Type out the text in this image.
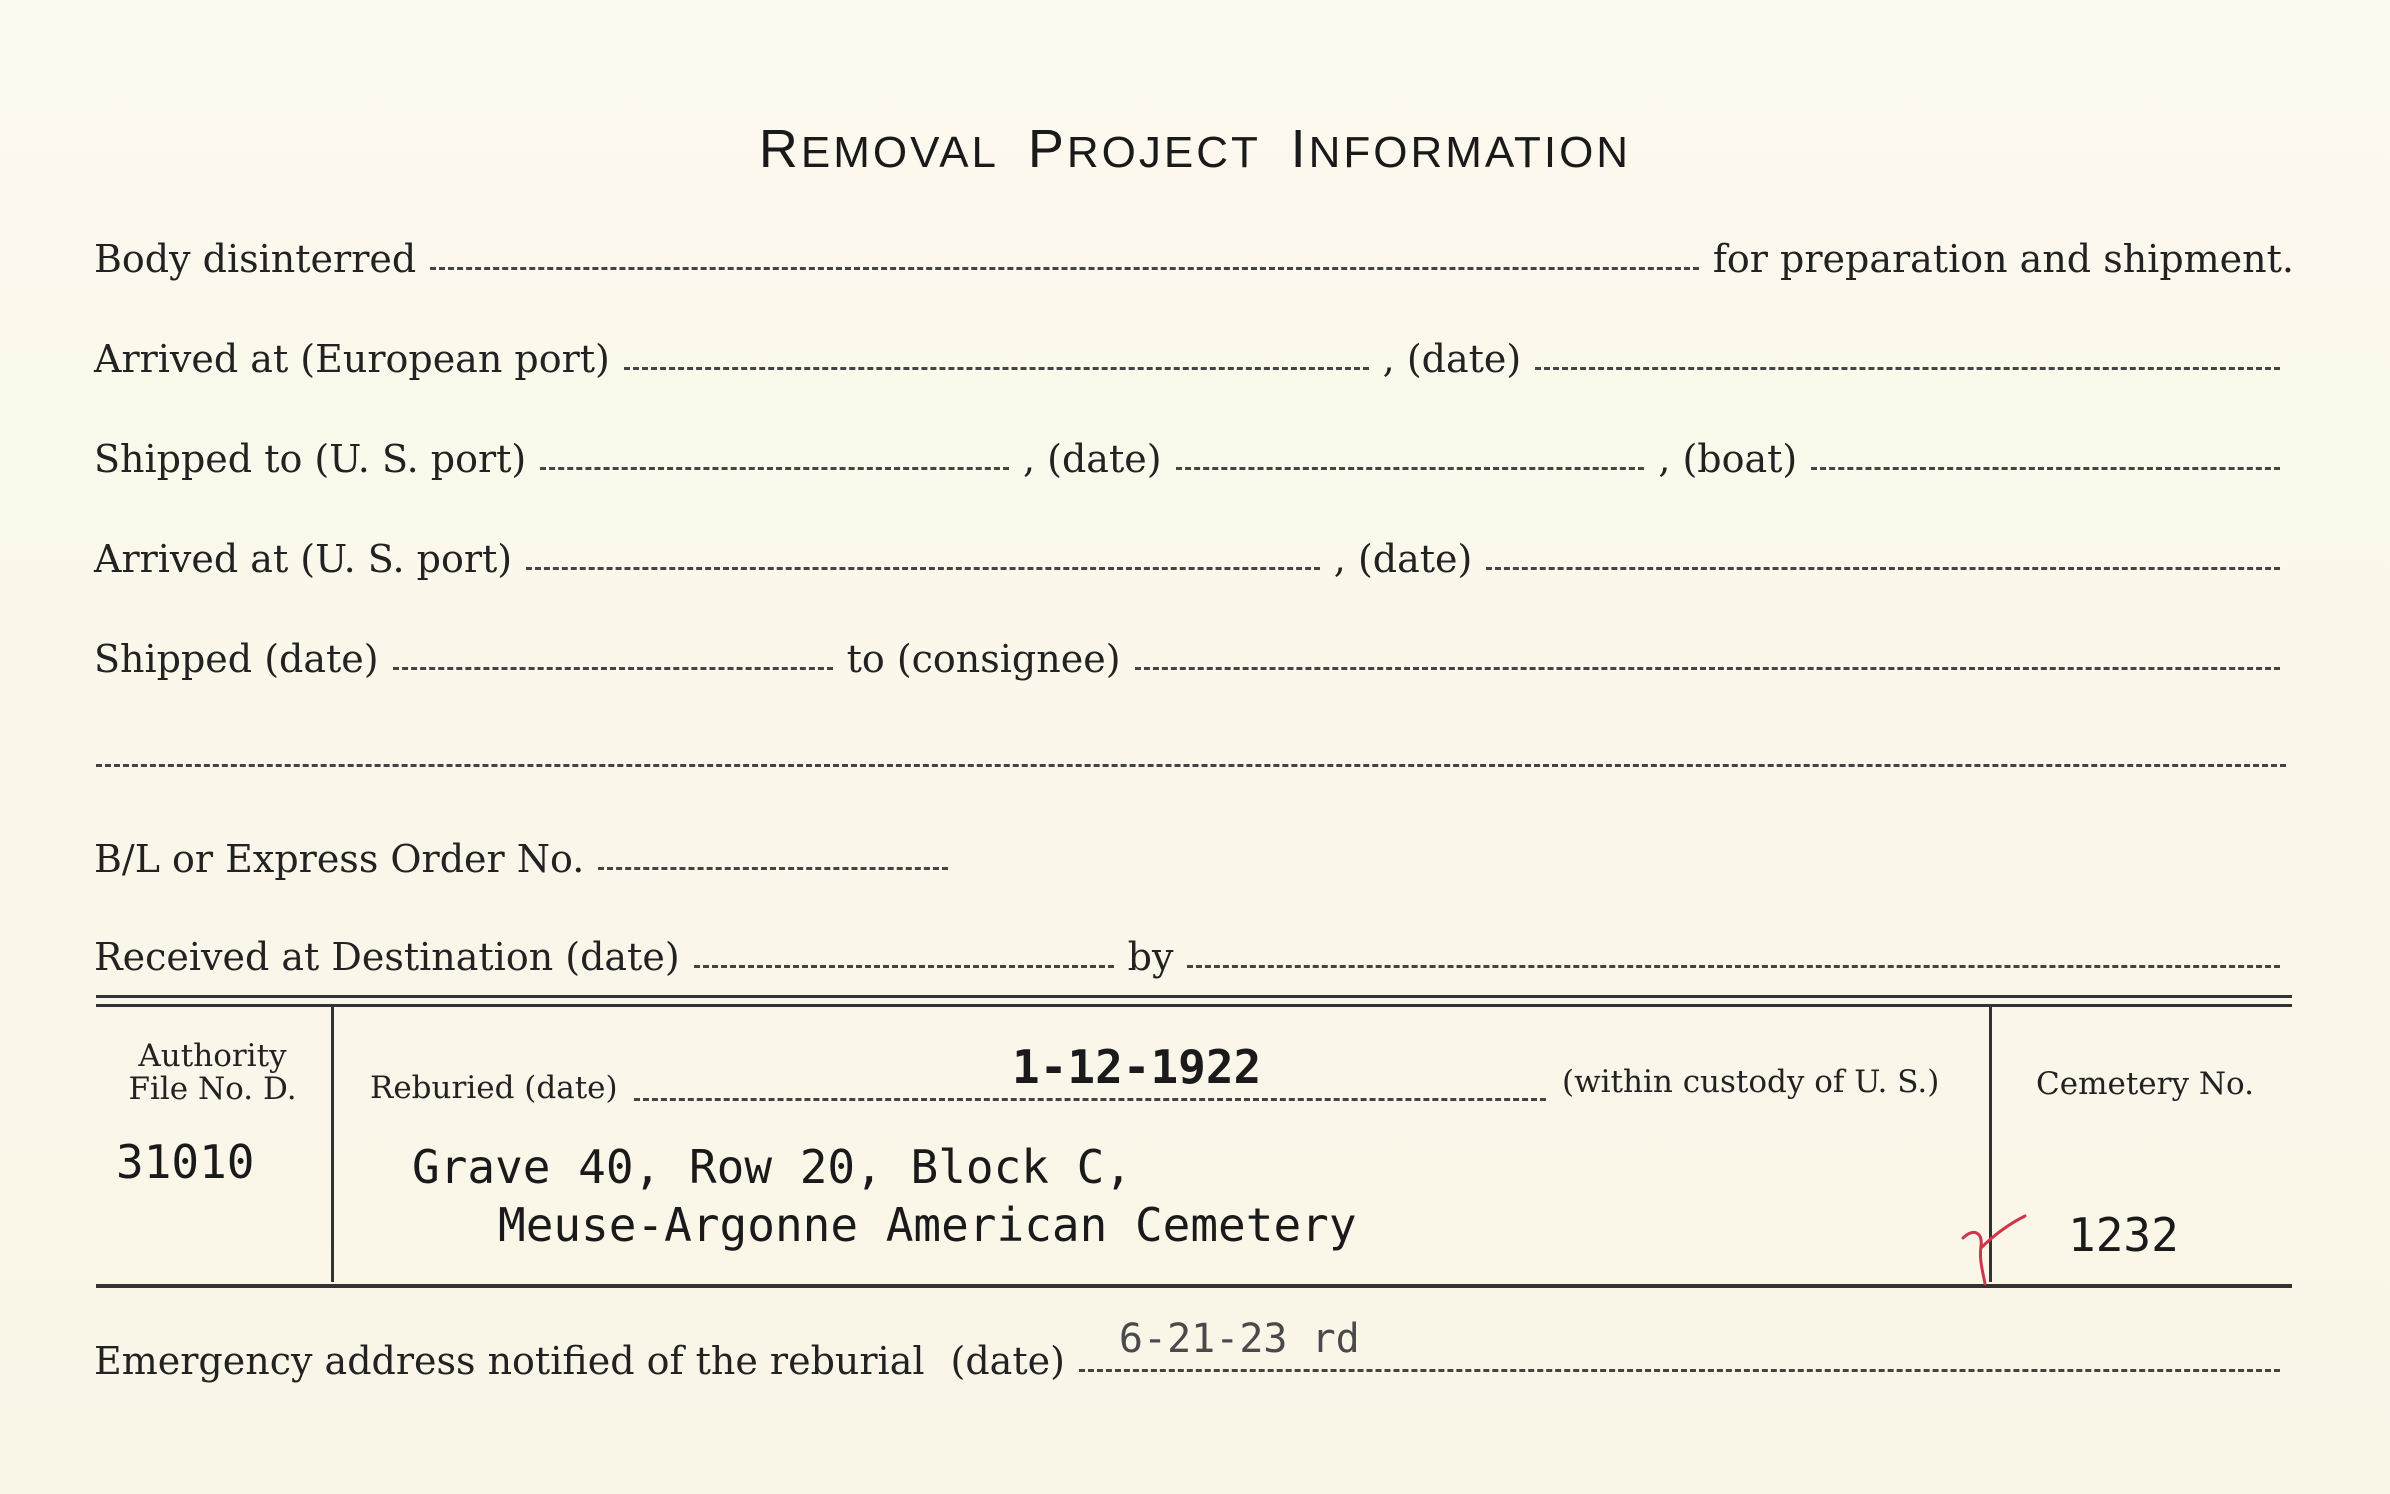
REMOVAL PROJECT INFORMATION
Body disinterred	for preparation and shipment.
Arrived at (European port)	, (date)
Shipped to (U. S. port)	, (date)	, (boat)
Arrived at (U. S. port)	, (date)
Shipped (date)	to (consignee)
B/L or Express Order No.
Received at Destination (date)	by
Authority
File No. D.
31010
Reburied (date)	1-12-1922	(within custody of U. S.)
Grave 40, Row 20, Block C,
Meuse-Argonne American Cemetery
Cemetery No.
1232
Emergency address notified of the reburial (date) 6-21-23 rd
